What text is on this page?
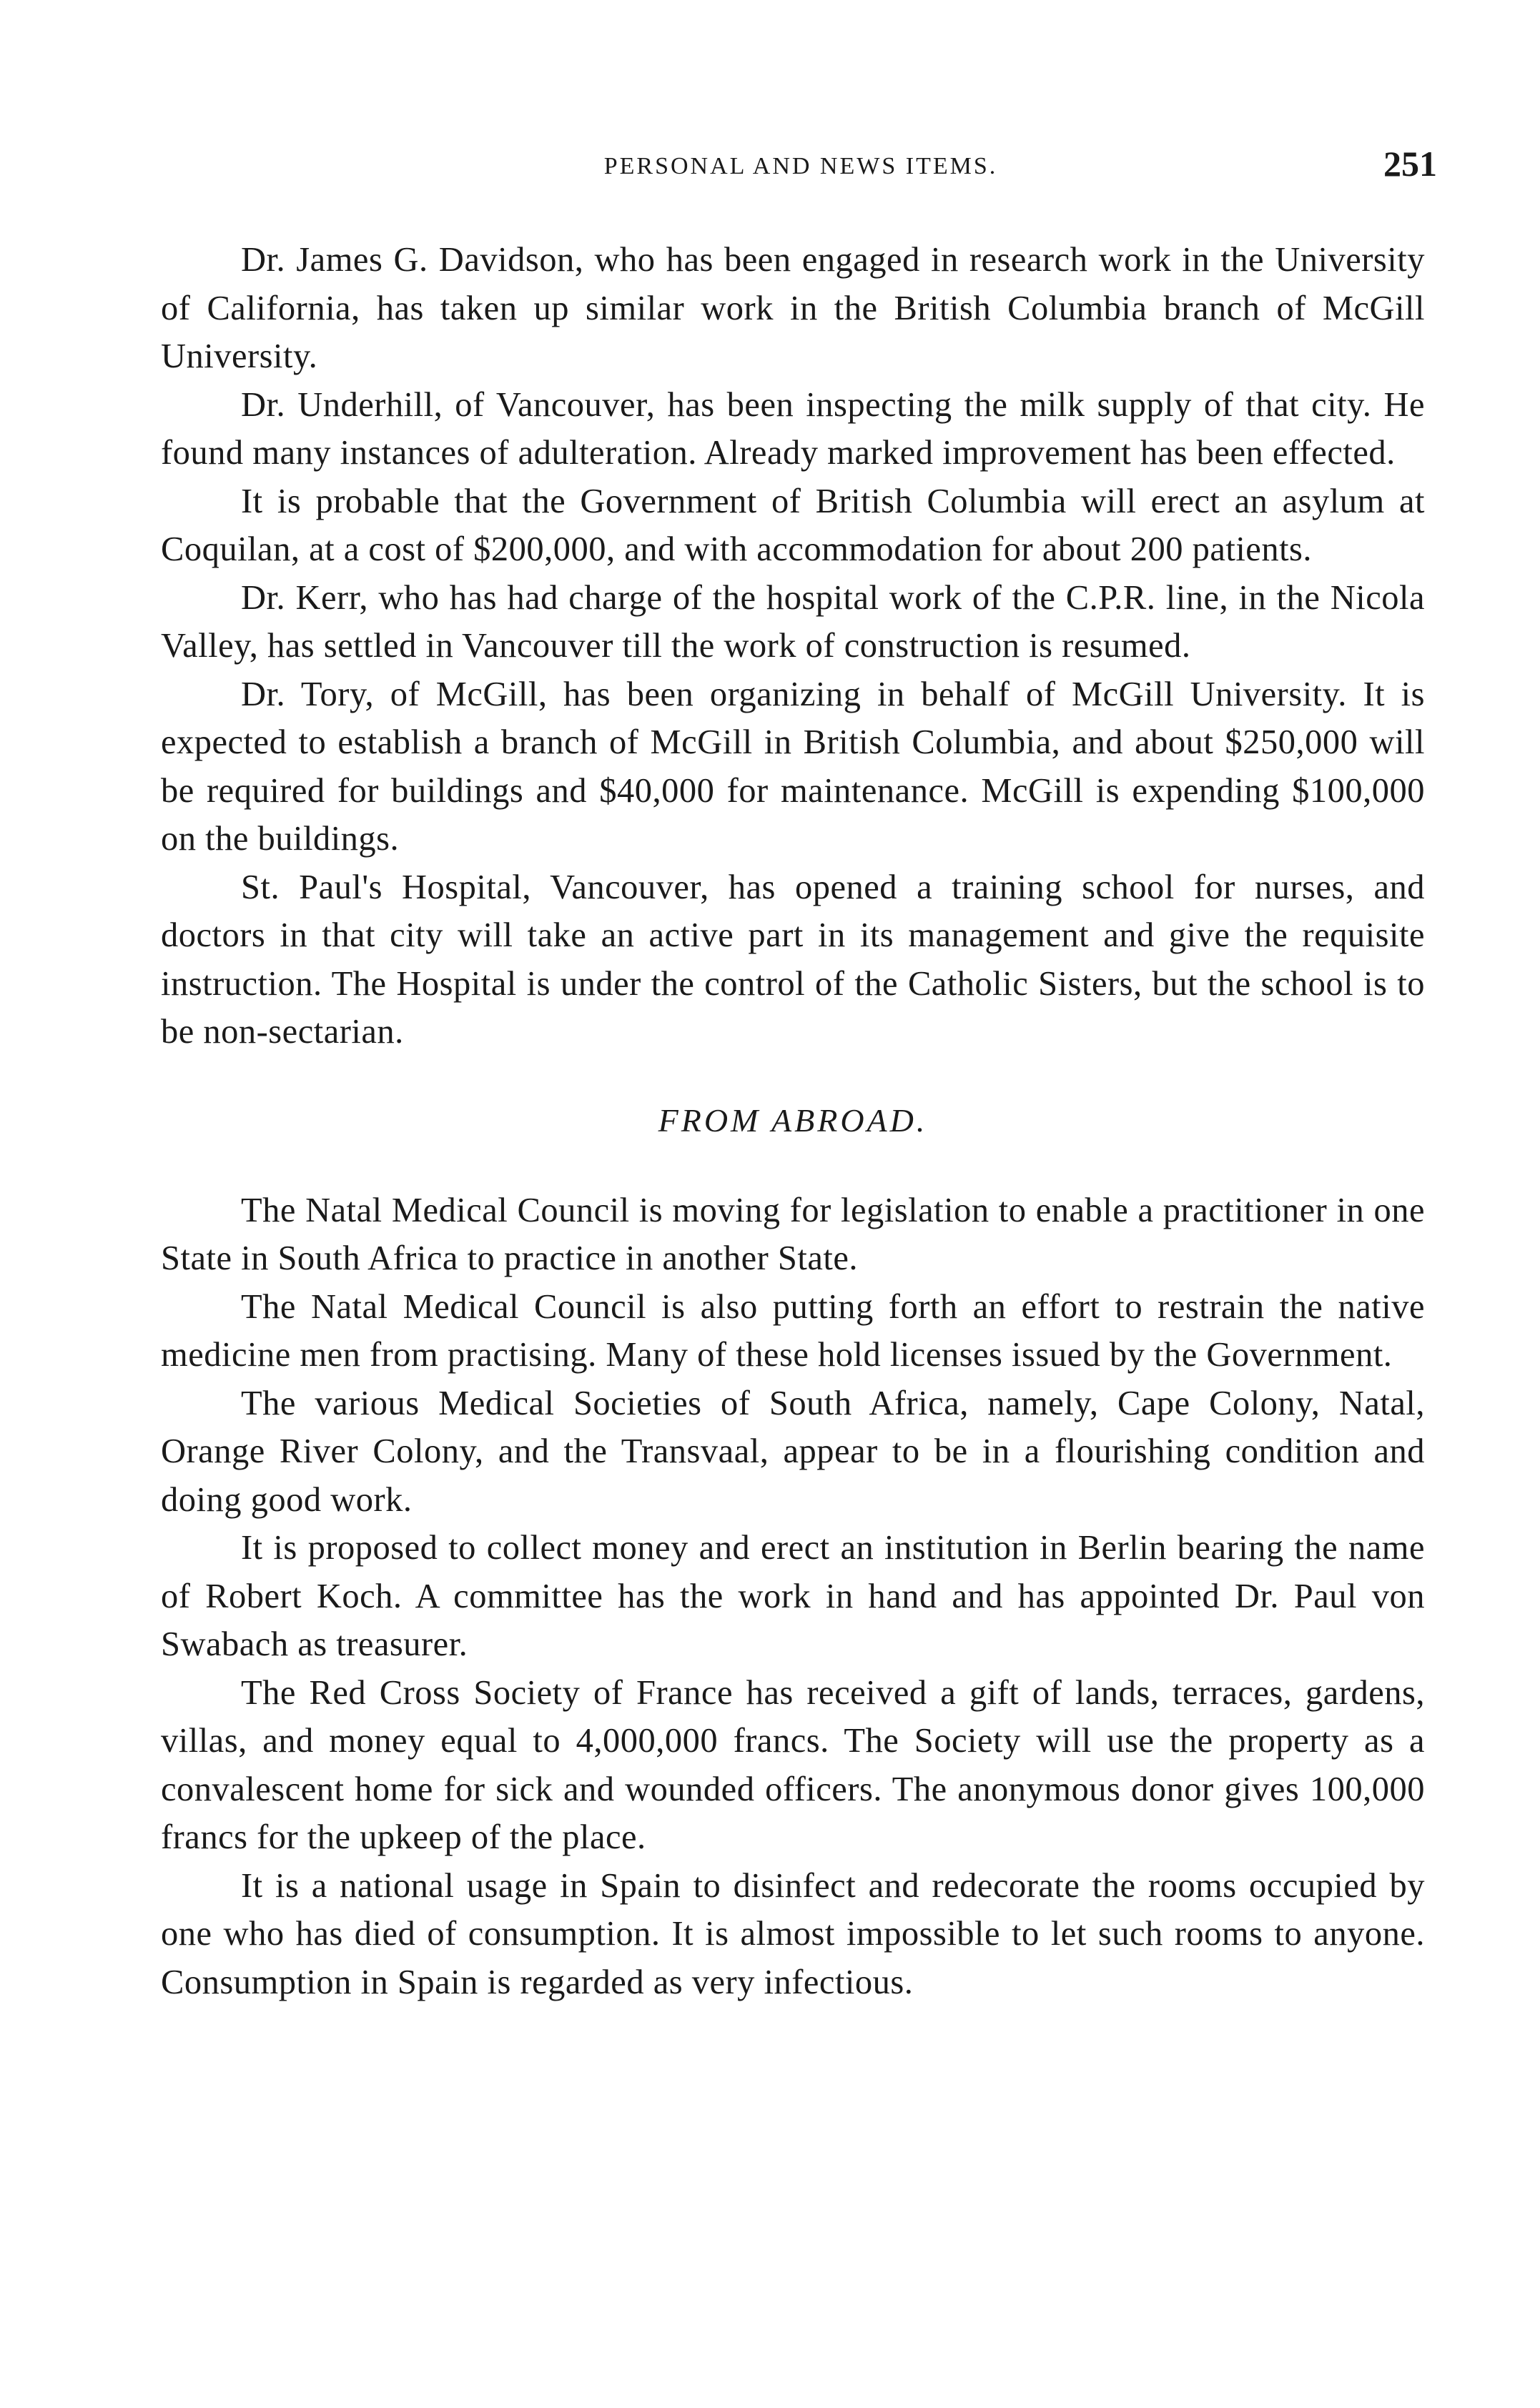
PERSONAL AND NEWS ITEMS.	251

Dr. James G. Davidson, who has been engaged in research work in the University of California, has taken up similar work in the British Columbia branch of McGill University.

Dr. Underhill, of Vancouver, has been inspecting the milk supply of that city. He found many instances of adulteration. Already marked improvement has been effected.

It is probable that the Government of British Columbia will erect an asylum at Coquilan, at a cost of $200,000, and with accommodation for about 200 patients.

Dr. Kerr, who has had charge of the hospital work of the C.P.R. line, in the Nicola Valley, has settled in Vancouver till the work of construction is resumed.

Dr. Tory, of McGill, has been organizing in behalf of McGill University. It is expected to establish a branch of McGill in British Columbia, and about $250,000 will be required for buildings and $40,000 for maintenance. McGill is expending $100,000 on the buildings.

St. Paul's Hospital, Vancouver, has opened a training school for nurses, and doctors in that city will take an active part in its management and give the requisite instruction. The Hospital is under the control of the Catholic Sisters, but the school is to be non-sectarian.

FROM ABROAD.

The Natal Medical Council is moving for legislation to enable a practitioner in one State in South Africa to practice in another State.

The Natal Medical Council is also putting forth an effort to restrain the native medicine men from practising. Many of these hold licenses issued by the Government.

The various Medical Societies of South Africa, namely, Cape Colony, Natal, Orange River Colony, and the Transvaal, appear to be in a flourishing condition and doing good work.

It is proposed to collect money and erect an institution in Berlin bearing the name of Robert Koch. A committee has the work in hand and has appointed Dr. Paul von Swabach as treasurer.

The Red Cross Society of France has received a gift of lands, terraces, gardens, villas, and money equal to 4,000,000 francs. The Society will use the property as a convalescent home for sick and wounded officers. The anonymous donor gives 100,000 francs for the upkeep of the place.

It is a national usage in Spain to disinfect and redecorate the rooms occupied by one who has died of consumption. It is almost impossible to let such rooms to anyone. Consumption in Spain is regarded as very infectious.
